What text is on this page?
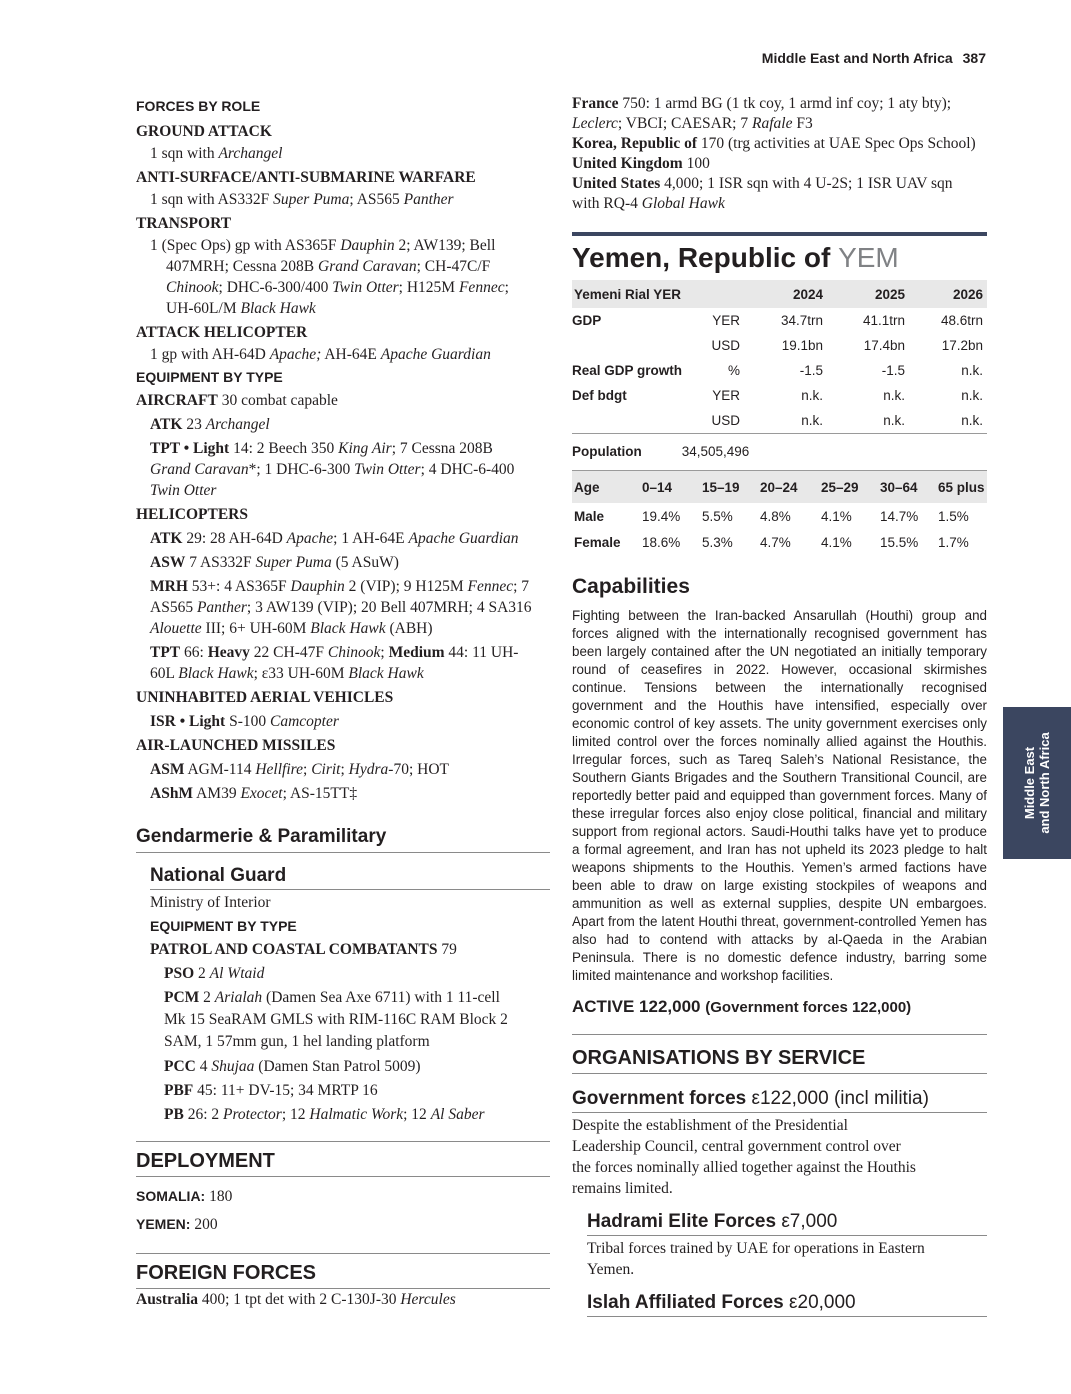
Middle East and North Africa 387
Middle East and North Africa
FORCES BY ROLE
GROUND ATTACK
1 sqn with Archangel
ANTI-SURFACE/ANTI-SUBMARINE WARFARE
1 sqn with AS332F Super Puma; AS565 Panther
TRANSPORT
1 (Spec Ops) gp with AS365F Dauphin 2; AW139; Bell
407MRH; Cessna 208B Grand Caravan; CH-47C/F
Chinook; DHC-6-300/400 Twin Otter; H125M Fennec;
UH-60L/M Black Hawk
ATTACK HELICOPTER
1 gp with AH-64D Apache; AH-64E Apache Guardian
EQUIPMENT BY TYPE
AIRCRAFT 30 combat capable
ATK 23 Archangel
TPT • Light 14: 2 Beech 350 King Air; 7 Cessna 208B
Grand Caravan*; 1 DHC-6-300 Twin Otter; 4 DHC-6-400
Twin Otter
HELICOPTERS
ATK 29: 28 AH-64D Apache; 1 AH-64E Apache Guardian
ASW 7 AS332F Super Puma (5 ASuW)
MRH 53+: 4 AS365F Dauphin 2 (VIP); 9 H125M Fennec; 7
AS565 Panther; 3 AW139 (VIP); 20 Bell 407MRH; 4 SA316
Alouette III; 6+ UH-60M Black Hawk (ABH)
TPT 66: Heavy 22 CH-47F Chinook; Medium 44: 11 UH-
60L Black Hawk; ε33 UH-60M Black Hawk
UNINHABITED AERIAL VEHICLES
ISR • Light S-100 Camcopter
AIR-LAUNCHED MISSILES
ASM AGM-114 Hellfire; Cirit; Hydra-70; HOT
AShM AM39 Exocet; AS-15TT‡
Gendarmerie & Paramilitary
National Guard
Ministry of Interior
EQUIPMENT BY TYPE
PATROL AND COASTAL COMBATANTS 79
PSO 2 Al Wtaid
PCM 2 Arialah (Damen Sea Axe 6711) with 1 11-cell
Mk 15 SeaRAM GMLS with RIM-116C RAM Block 2
SAM, 1 57mm gun, 1 hel landing platform
PCC 4 Shujaa (Damen Stan Patrol 5009)
PBF 45: 11+ DV-15; 34 MRTP 16
PB 26: 2 Protector; 12 Halmatic Work; 12 Al Saber
DEPLOYMENT
SOMALIA: 180
YEMEN: 200
FOREIGN FORCES
Australia 400; 1 tpt det with 2 C-130J-30 Hercules
France 750: 1 armd BG (1 tk coy, 1 armd inf coy; 1 aty bty);
Leclerc; VBCI; CAESAR; 7 Rafale F3
Korea, Republic of 170 (trg activities at UAE Spec Ops School)
United Kingdom 100
United States 4,000; 1 ISR sqn with 4 U-2S; 1 ISR UAV sqn
with RQ-4 Global Hawk
Yemen, Republic of YEM
Yemeni Rial YER		2024	2025	2026
GDP	YER	34.7trn	41.1trn	48.6trn
	USD	19.1bn	17.4bn	17.2bn
Real GDP growth	%	-1.5	-1.5	n.k.
Def bdgt	YER	n.k.	n.k.	n.k.
	USD	n.k.	n.k.	n.k.
Population	34,505,496
Age	0–14	15–19	20–24	25–29	30–64	65 plus
Male	19.4%	5.5%	4.8%	4.1%	14.7%	1.5%
Female	18.6%	5.3%	4.7%	4.1%	15.5%	1.7%
Capabilities
Fighting between the Iran-backed Ansarullah (Houthi) group and forces aligned with the internationally recognised government has been largely contained after the UN negotiated an initially temporary round of ceasefires in 2022. However, occasional skirmishes continue. Tensions between the internationally recognised government and the Houthis have intensified, especially over economic control of key assets. The unity government exercises only limited control over the forces nominally allied against the Houthis. Irregular forces, such as Tareq Saleh’s National Resistance, the Southern Giants Brigades and the Southern Transitional Council, are reportedly better paid and equipped than government forces. Many of these irregular forces also enjoy close political, financial and military support from regional actors. Saudi-Houthi talks have yet to produce a formal agreement, and Iran has not upheld its 2023 pledge to halt weapons shipments to the Houthis. Yemen’s armed factions have been able to draw on large existing stockpiles of weapons and ammunition as well as external supplies, despite UN embargoes. Apart from the latent Houthi threat, government-controlled Yemen has also had to contend with attacks by al-Qaeda in the Arabian Peninsula. There is no domestic defence industry, barring some limited maintenance and workshop facilities.
ACTIVE 122,000 (Government forces 122,000)
ORGANISATIONS BY SERVICE
Government forces ε122,000 (incl militia)
Despite the establishment of the Presidential
Leadership Council, central government control over
the forces nominally allied together against the Houthis
remains limited.
Hadrami Elite Forces ε7,000
Tribal forces trained by UAE for operations in Eastern
Yemen.
Islah Affiliated Forces ε20,000
